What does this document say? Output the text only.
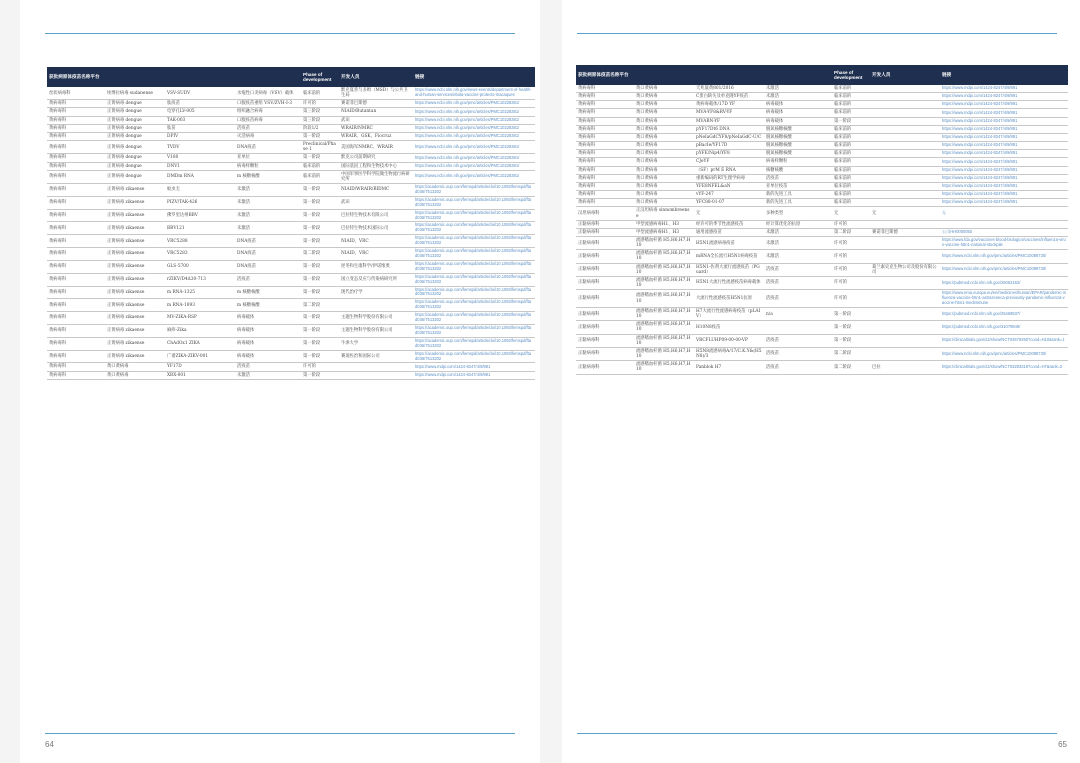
获批病原体疫苗名称平台				Phase of development	开发人员	链接
丝状病毒科	埃博拉病毒 sudanense	VSV-SUDV	水疱性口炎病毒（VSV）载体	临床前的	默克夏普与多姆（MSD）与公共卫生局	https://www.ncbi.nlm.nih.gov/news-events/department-of-health-and-human-services/ebola-vaccine-protects-macaques
黄病毒科	正黄病毒 dengue	肽疫苗	口服疫苗重组 VSV/ZVH-I-3	许可的	赛诺菲巴斯德	https://www.ncbi.nlm.nih.gov/pmc/articles/PMC10228381/
黄病毒科	正黄病毒 dengue	电穿孔LV-005	组织融合病毒	第三阶段	NIAID/Butantan	https://www.ncbi.nlm.nih.gov/pmc/articles/PMC10228381/
黄病毒科	正黄病毒 dengue	TAK-003	口服疫苗病毒	第三阶段	武田	https://www.ncbi.nlm.nih.gov/pmc/articles/PMC10228381/
黄病毒科	正黄病毒 dengue	肽苗	活疫苗	阶段1/2	WRAIR/NMRC	https://www.ncbi.nlm.nih.gov/pmc/articles/PMC10228381/
黄病毒科	正黄病毒 dengue	DPIV	灭活病毒	第一阶段	WRAIR、GSK、Fiocruz	https://www.ncbi.nlm.nih.gov/pmc/articles/PMC10228381/
黄病毒科	正黄病毒 dengue	TVDV	DNA疫苗	Preclinical/Phase 1	美国海军NMRC、WRAIR	https://www.ncbi.nlm.nih.gov/pmc/articles/PMC10228381/
黄病毒科	正黄病毒 dengue	V180	亚单位	第一阶段	默克公司前期研究	https://www.ncbi.nlm.nih.gov/pmc/articles/PMC10228381/
黄病毒科	正黄病毒 dengue	DNV1	病毒样颗粒	临床前的	国际基因工程和生物技术中心	https://www.ncbi.nlm.nih.gov/pmc/articles/PMC10228381/
黄病毒科	正黄病毒 dengue	DMDm RNA	m 核糖核酸	临床前的	中国军事医学科学院微生物流行病研究所	https://www.ncbi.nlm.nih.gov/pmc/articles/PMC10228381/
黄病毒科	正黄病毒 zikaense	蚊虫无	未激活	第一阶段	NIAID/WRAIR/BIDMC	https://academic.oup.com/femspd/article/doi/10.1093/femspd/ftad036/7513202
黄病毒科	正黄病毒 zikaense	PIZV/TAK-426	未激活	第一阶段	武田	https://academic.oup.com/femspd/article/doi/10.1093/femspd/ftad036/7513202
黄病毒科	正黄病毒 zikaense	佛罗里达州BBV	未激活	第一阶段	巴拉特生物技术有限公司	https://academic.oup.com/femspd/article/doi/10.1093/femspd/ftad036/7513202
黄病毒科	正黄病毒 zikaense	BBV121	未激活	第一阶段	巴拉特生物技术国际公司	https://academic.oup.com/femspd/article/doi/10.1093/femspd/ftad036/7513202
黄病毒科	正黄病毒 zikaense	VRC5288	DNA疫苗	第一阶段	NIAID、VRC	https://academic.oup.com/femspd/article/doi/10.1093/femspd/ftad036/7513202
黄病毒科	正黄病毒 zikaense	VRC5283	DNA疫苗	第二阶段	NIAID、VRC	https://academic.oup.com/femspd/article/doi/10.1093/femspd/ftad036/7513202
黄病毒科	正黄病毒 zikaense	GLS-5700	DNA疫苗	第一阶段	逆冬和生康科学/伊诺维奥	https://academic.oup.com/femspd/article/doi/10.1093/femspd/ftad036/7513202
黄病毒科	正黄病毒 zikaense	rZIKV/D4Δ30-713	活疫苗	第一阶段	国立变态反应与传染病研究所	https://academic.oup.com/femspd/article/doi/10.1093/femspd/ftad036/7513202
黄病毒科	正黄病毒 zikaense	m RNA-1325	m 核糖核酸	第一阶段	现代治疗学	https://academic.oup.com/femspd/article/doi/10.1093/femspd/ftad036/7513202
黄病毒科	正黄病毒 zikaense	m RNA-1893	m 核糖核酸	第二阶段		https://academic.oup.com/femspd/article/doi/10.1093/femspd/ftad036/7513202
黄病毒科	正黄病毒 zikaense	MV-ZIKA-RSP	病毒载体	第一阶段	主题生物科学股份有限公司	https://academic.oup.com/femspd/article/doi/10.1093/femspd/ftad036/7513202
黄病毒科	正黄病毒 zikaense	麻疹-Zika	病毒载体	第一阶段	主题生物科学股份有限公司	https://academic.oup.com/femspd/article/doi/10.1093/femspd/ftad036/7513202
黄病毒科	正黄病毒 zikaense	ChAdOx1 ZIKA	病毒载体	第一阶段	牛津大学	https://academic.oup.com/femspd/article/doi/10.1093/femspd/ftad036/7513202
黄病毒科	正黄病毒 zikaense	广谱ZIKA-ZIKV-001	病毒载体	第一阶段	赛迪佐治和国际公司	https://academic.oup.com/femspd/article/doi/10.1093/femspd/ftad036/7513202
黄病毒科	黄口黄病毒	YF17D	活疫苗	许可的		https://www.mdpi.com/1424-8247/4/9/891
黄病毒科	黄口黄病毒	XRX-001	未激活	第一阶段		https://www.mdpi.com/1424-8247/4/9/891
64
获批病原体疫苗名称平台				Phase of development	开发人员	链接
黄病毒科	黄口黄病毒	天兆鼠黄801/2016	未激活	临床前的		https://www.mdpi.com/1424-8247/4/9/891
黄病毒科	黄口黄病毒	C蛋白缺失及单克隆YF疫苗	未激活	临床前的		https://www.mdpi.com/1424-8247/4/9/891
黄病毒科	黄口黄病毒	黄病毒载体/17D YF	病毒载体	临床前的		https://www.mdpi.com/1424-8247/4/9/891
黄病毒科	黄口黄病毒	MVA-YF8&RV-YF	病毒载体	临床前的		https://www.mdpi.com/1424-8247/4/9/891
黄病毒科	黄口黄病毒	MVABN-YF	病毒载体	第一阶段		https://www.mdpi.com/1424-8247/4/9/891
黄病毒科	黄口黄病毒	pYF17Dt6 DNA	脱氧核糖核酸	临床前的		https://www.mdpi.com/1424-8247/4/9/891
黄病毒科	黄口黄病毒	pNeIaGdCYF8/pNeIaGdC-U/C	脱氧核糖核酸	临床前的		https://www.mdpi.com/1424-8247/4/9/891
黄病毒科	黄口黄病毒	pBacIe/YF17D	脱氧核糖核酸	临床前的		https://www.mdpi.com/1424-8247/4/9/891
黄病毒科	黄口黄病毒	pYFE/Nip4/YF8	脱氧核糖核酸	临床前的		https://www.mdpi.com/1424-8247/4/9/891
黄病毒科	黄口黄病毒	CJeYF	病毒样颗粒	临床前的		https://www.mdpi.com/1424-8247/4/9/891
黄病毒科	黄口黄病毒	（SF）prM E RNA	核糖核酸	临床前的		https://www.mdpi.com/1424-8247/4/9/891
黄病毒科	黄口黄病毒	重新编码的RT生理学病毒	活疫苗	临床前的		https://www.mdpi.com/1424-8247/4/9/891
黄病毒科	黄口黄病毒	YFE8NFEL&aN	亚单位疫苗	临床前的		https://www.mdpi.com/1424-8247/4/9/891
黄病毒科	黄口黄病毒	vYF-247	新的先进工具	临床前的		https://www.mdpi.com/1424-8247/4/9/891
黄病毒科	黄口黄病毒	YFC88-01-07	新的先进工具	临床前的		https://www.mdpi.com/1424-8247/4/9/891
汉坦病毒科	正汉坦病毒 sinnombreense	无	多种类型	无	无	无
正黏病毒科	甲型流感病毒H1、H3	经许可的季节性流感疫苗	经计算优化的抗原	许可的		
正黏病毒科	甲型流感病毒H1、H3	通用流感疫苗	未激活	第二阶段	赛诺菲巴斯德	公司HH0000050
正黏病毒科	流感嗜血杆菌 H5,H6,H7,H10	H5N1流感病毒疫苗	未激活	许可的		https://www.fda.gov/vaccines-blood-biologics/vaccines/influenza-virus-vaccine-h5n1-national-stockpile
正黏病毒科	流感嗜血杆菌 H5,H6,H7,H10	mRNA全长流行H5N1病毒疫苗	未激活	许可的		https://www.ncbi.nlm.nih.gov/pmc/articles/PMC10088730/
正黏病毒科	流感嗜血杆菌 H5,H6,H7,H10	H5N1-佐剂大流行流感疫苗（PGuard）	活疫苗	许可的	葛兰素史克生物公司及股份有限公司	https://www.ncbi.nlm.nih.gov/pmc/articles/PMC10088730/
正黏病毒科	流感嗜血杆菌 H5,H6,H7,H10	H5N1大流行性流感疫苗病毒载体	活疫苗	许可的		https://pubmed.ncbi.nlm.nih.gov/26062153/
正黏病毒科	流感嗜血杆菌 H5,H6,H7,H10	大流行性流感疫苗H5N1抗原	活疫苗	许可的		https://www.ema.europa.eu/en/medicines/human/EPAR/pandemic-influenza-vaccine-h5n1-astrazeneca-previously-pandemic-influenza-vaccine-h5n1-medimmune
正黏病毒科	流感嗜血杆菌 H5,H6,H7,H10	H7大流行性流感病毒疫苗（pLAIV）	n/a	第一阶段		https://pubmed.ncbi.nlm.nih.gov/25469537/
正黏病毒科	流感嗜血杆菌 H5,H6,H7,H10	H10N8疫苗		第一阶段		https://pubmed.ncbi.nlm.nih.gov/31079849/
正黏病毒科	流感嗜血杆菌 H5,H6,H7,H10	VRCFLUHP09-00-00-VP	活疫苗	第一阶段		https://clinicaltrials.gov/ct2/show/NCT04579250?cond=H10&rank=1
正黏病毒科	流感嗜血杆菌 H5,H6,H7,H10	H5N8流感病毒A/17/C.K.Y&(H5N8)/3	活疫苗	第二阶段		https://www.ncbi.nlm.nih.gov/pmc/articles/PMC10088730/
正黏病毒科	流感嗜血杆菌 H5,H6,H7,H10	Panblok H7	活疫苗	第二阶段	巴拉	https://clinicaltrials.gov/ct2/show/NCT03283319?cond=H7&rank=2
65
